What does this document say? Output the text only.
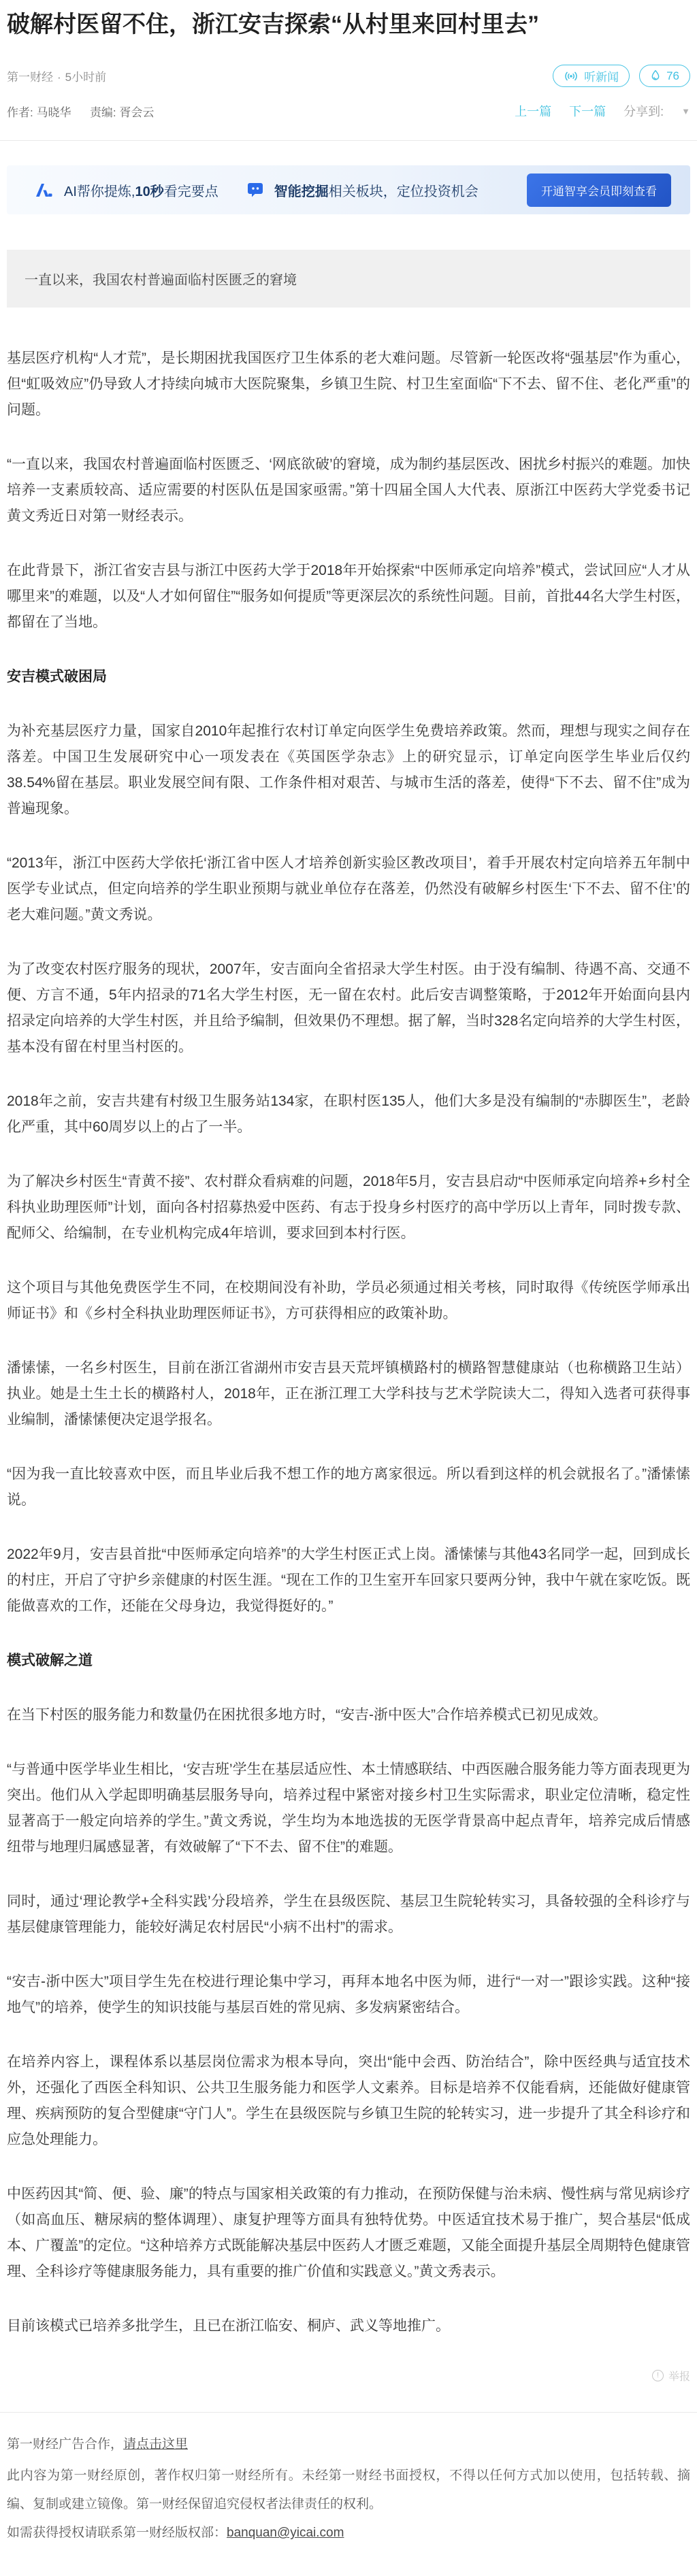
破解村医留不住，浙江安吉探索“从村里来回村里去”
第一财经 · 5小时前	听新闻	76
作者: 马晓华 责编: 胥会云	上一篇 下一篇 分享到: ▼
AI帮你提炼, 10秒 看完要点	智能挖掘 相关板块，定位投资机会	开通智享会员即刻查看
一直以来，我国农村普遍面临村医匮乏的窘境

基层医疗机构“人才荒”，是长期困扰我国医疗卫生体系的老大难问题。尽管新一轮医改将“强基层”作为重心，但“虹吸效应”仍导致人才持续向城市大医院聚集，乡镇卫生院、村卫生室面临“下不去、留不住、老化严重”的问题。

“一直以来，我国农村普遍面临村医匮乏、‘网底欲破’的窘境，成为制约基层医改、困扰乡村振兴的难题。加快培养一支素质较高、适应需要的村医队伍是国家亟需。”第十四届全国人大代表、原浙江中医药大学党委书记黄文秀近日对第一财经表示。

在此背景下，浙江省安吉县与浙江中医药大学于2018年开始探索“中医师承定向培养”模式，尝试回应“人才从哪里来”的难题，以及“人才如何留住”“服务如何提质”等更深层次的系统性问题。目前，首批44名大学生村医，都留在了当地。

安吉模式破困局

为补充基层医疗力量，国家自2010年起推行农村订单定向医学生免费培养政策。然而，理想与现实之间存在落差。中国卫生发展研究中心一项发表在《英国医学杂志》上的研究显示，订单定向医学生毕业后仅约38.54%留在基层。职业发展空间有限、工作条件相对艰苦、与城市生活的落差，使得“下不去、留不住”成为普遍现象。

“2013年，浙江中医药大学依托‘浙江省中医人才培养创新实验区教改项目’，着手开展农村定向培养五年制中医学专业试点，但定向培养的学生职业预期与就业单位存在落差，仍然没有破解乡村医生‘下不去、留不住’的老大难问题。”黄文秀说。

为了改变农村医疗服务的现状，2007年，安吉面向全省招录大学生村医。由于没有编制、待遇不高、交通不便、方言不通，5年内招录的71名大学生村医，无一留在农村。此后安吉调整策略，于2012年开始面向县内招录定向培养的大学生村医，并且给予编制，但效果仍不理想。据了解，当时328名定向培养的大学生村医，基本没有留在村里当村医的。

2018年之前，安吉共建有村级卫生服务站134家，在职村医135人，他们大多是没有编制的“赤脚医生”，老龄化严重，其中60周岁以上的占了一半。

为了解决乡村医生“青黄不接”、农村群众看病难的问题，2018年5月，安吉县启动“中医师承定向培养+乡村全科执业助理医师”计划，面向各村招募热爱中医药、有志于投身乡村医疗的高中学历以上青年，同时拨专款、配师父、给编制，在专业机构完成4年培训，要求回到本村行医。

这个项目与其他免费医学生不同，在校期间没有补助，学员必须通过相关考核，同时取得《传统医学师承出师证书》和《乡村全科执业助理医师证书》，方可获得相应的政策补助。

潘愫愫，一名乡村医生，目前在浙江省湖州市安吉县天荒坪镇横路村的横路智慧健康站（也称横路卫生站）执业。她是土生土长的横路村人，2018年，正在浙江理工大学科技与艺术学院读大二，得知入选者可获得事业编制，潘愫愫便决定退学报名。

“因为我一直比较喜欢中医，而且毕业后我不想工作的地方离家很远。所以看到这样的机会就报名了。”潘愫愫说。

2022年9月，安吉县首批“中医师承定向培养”的大学生村医正式上岗。潘愫愫与其他43名同学一起，回到成长的村庄，开启了守护乡亲健康的村医生涯。“现在工作的卫生室开车回家只要两分钟，我中午就在家吃饭。既能做喜欢的工作，还能在父母身边，我觉得挺好的。”

模式破解之道

在当下村医的服务能力和数量仍在困扰很多地方时，“安吉-浙中医大”合作培养模式已初见成效。

“与普通中医学毕业生相比，‘安吉班’学生在基层适应性、本土情感联结、中西医融合服务能力等方面表现更为突出。他们从入学起即明确基层服务导向，培养过程中紧密对接乡村卫生实际需求，职业定位清晰，稳定性显著高于一般定向培养的学生。”黄文秀说，学生均为本地选拔的无医学背景高中起点青年，培养完成后情感纽带与地理归属感显著，有效破解了“下不去、留不住”的难题。

同时，通过‘理论教学+全科实践’分段培养，学生在县级医院、基层卫生院轮转实习，具备较强的全科诊疗与基层健康管理能力，能较好满足农村居民“小病不出村”的需求。

“安吉-浙中医大”项目学生先在校进行理论集中学习，再拜本地名中医为师，进行“一对一”跟诊实践。这种“接地气”的培养，使学生的知识技能与基层百姓的常见病、多发病紧密结合。

在培养内容上，课程体系以基层岗位需求为根本导向，突出“能中会西、防治结合”，除中医经典与适宜技术外，还强化了西医全科知识、公共卫生服务能力和医学人文素养。目标是培养不仅能看病，还能做好健康管理、疾病预防的复合型健康“守门人”。学生在县级医院与乡镇卫生院的轮转实习，进一步提升了其全科诊疗和应急处理能力。

中医药因其“简、便、验、廉”的特点与国家相关政策的有力推动，在预防保健与治未病、慢性病与常见病诊疗（如高血压、糖尿病的整体调理）、康复护理等方面具有独特优势。中医适宜技术易于推广，契合基层“低成本、广覆盖”的定位。“这种培养方式既能解决基层中医药人才匮乏难题，又能全面提升基层全周期特色健康管理、全科诊疗等健康服务能力，具有重要的推广价值和实践意义。”黄文秀表示。

目前该模式已培养多批学生，且已在浙江临安、桐庐、武义等地推广。

! 举报

第一财经广告合作，请点击这里

此内容为第一财经原创，著作权归第一财经所有。未经第一财经书面授权，不得以任何方式加以使用，包括转载、摘编、复制或建立镜像。第一财经保留追究侵权者法律责任的权利。

如需获得授权请联系第一财经版权部：banquan@yicai.com
